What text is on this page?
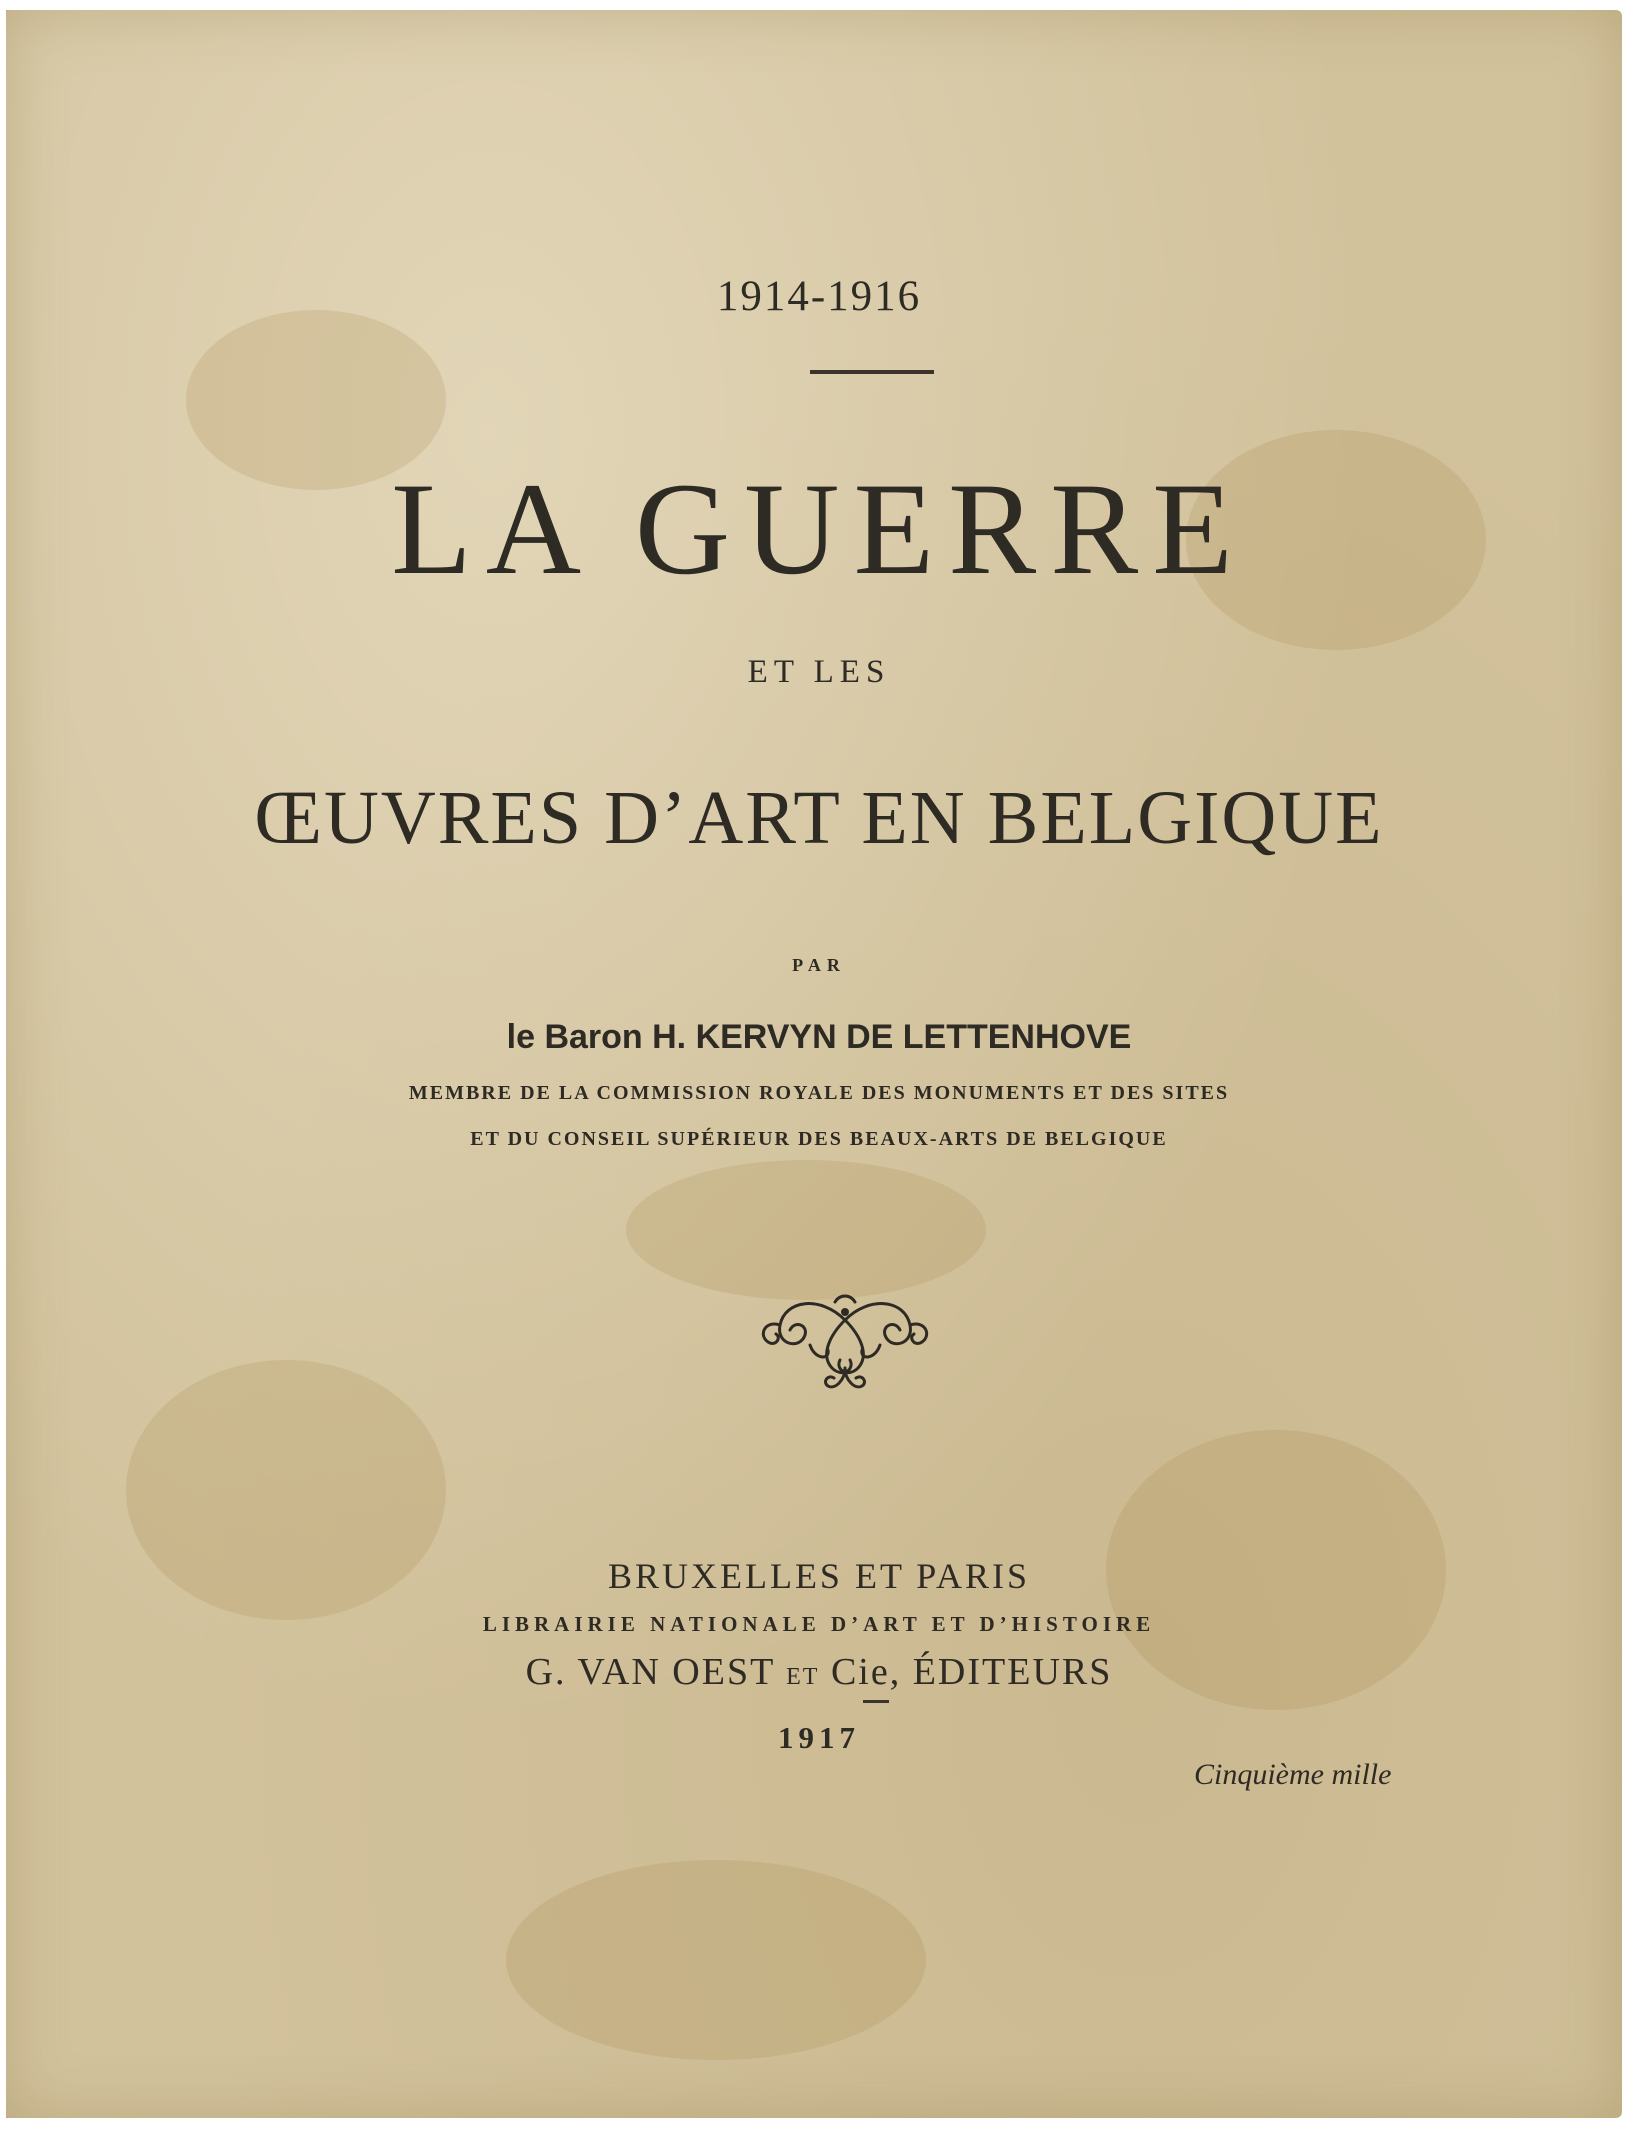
1914-1916
LA GUERRE
ET LES
ŒUVRES D’ART EN BELGIQUE
PAR
le Baron H. KERVYN DE LETTENHOVE
MEMBRE DE LA COMMISSION ROYALE DES MONUMENTS ET DES SITES
ET DU CONSEIL SUPÉRIEUR DES BEAUX-ARTS DE BELGIQUE
BRUXELLES ET PARIS
LIBRAIRIE NATIONALE D’ART ET D’HISTOIRE
G. VAN OEST ET Cie, ÉDITEURS
1917
Cinquième mille
